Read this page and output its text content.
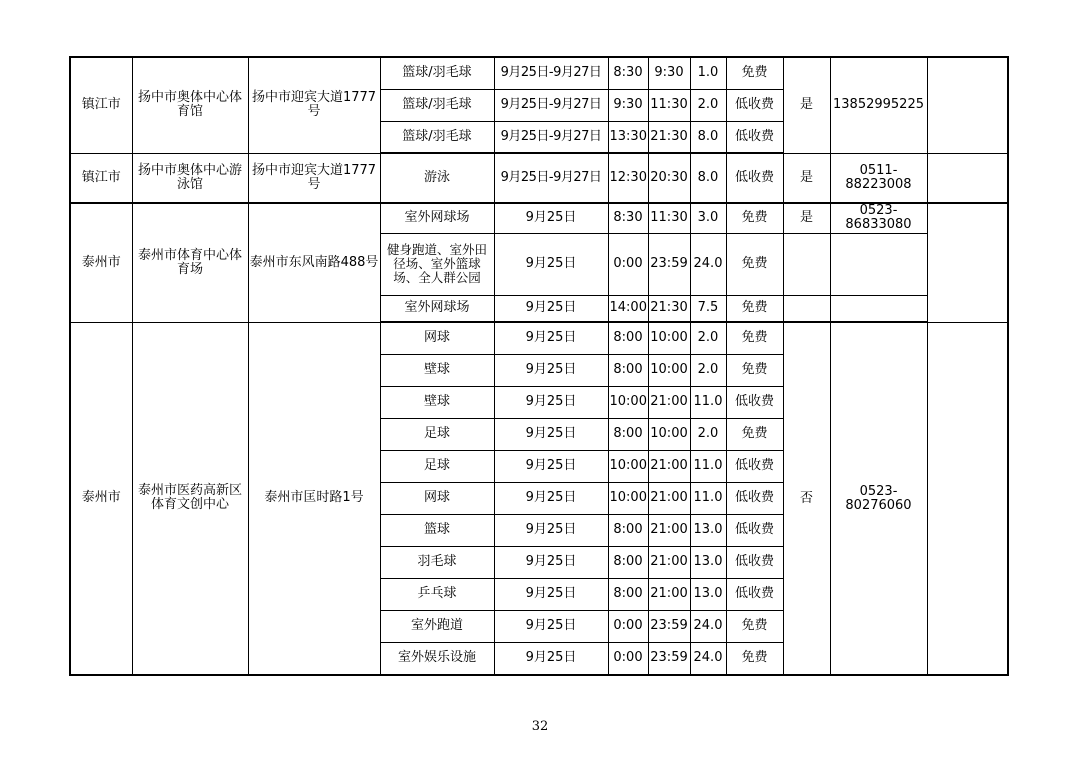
镇江市	扬中市奥体中心体育馆	扬中市迎宾大道1777号	篮球/羽毛球	9月25日-9月27日	8:30	9:30	1.0	免费	是	13852995225	
			篮球/羽毛球	9月25日-9月27日	9:30	11:30	2.0	低收费			
			篮球/羽毛球	9月25日-9月27日	13:30	21:30	8.0	低收费			
镇江市	扬中市奥体中心游泳馆	扬中市迎宾大道1777号	游泳	9月25日-9月27日	12:30	20:30	8.0	低收费	是	0511-88223008	
泰州市	泰州市体育中心体育场	泰州市东风南路488号	室外网球场	9月25日	8:30	11:30	3.0	免费	是	0523-86833080	
			健身跑道、室外田径场、室外篮球场、全人群公园	9月25日	0:00	23:59	24.0	免费			
			室外网球场	9月25日	14:00	21:30	7.5	免费			
泰州市	泰州市医药高新区体育文创中心	泰州市匡时路1号	网球	9月25日	8:00	10:00	2.0	免费	否	0523-80276060	
			壁球	9月25日	8:00	10:00	2.0	免费			
			壁球	9月25日	10:00	21:00	11.0	低收费			
			足球	9月25日	8:00	10:00	2.0	免费			
			足球	9月25日	10:00	21:00	11.0	低收费			
			网球	9月25日	10:00	21:00	11.0	低收费			
			篮球	9月25日	8:00	21:00	13.0	低收费			
			羽毛球	9月25日	8:00	21:00	13.0	低收费			
			乒乓球	9月25日	8:00	21:00	13.0	低收费			
			室外跑道	9月25日	0:00	23:59	24.0	免费			
			室外娱乐设施	9月25日	0:00	23:59	24.0	免费			
32
